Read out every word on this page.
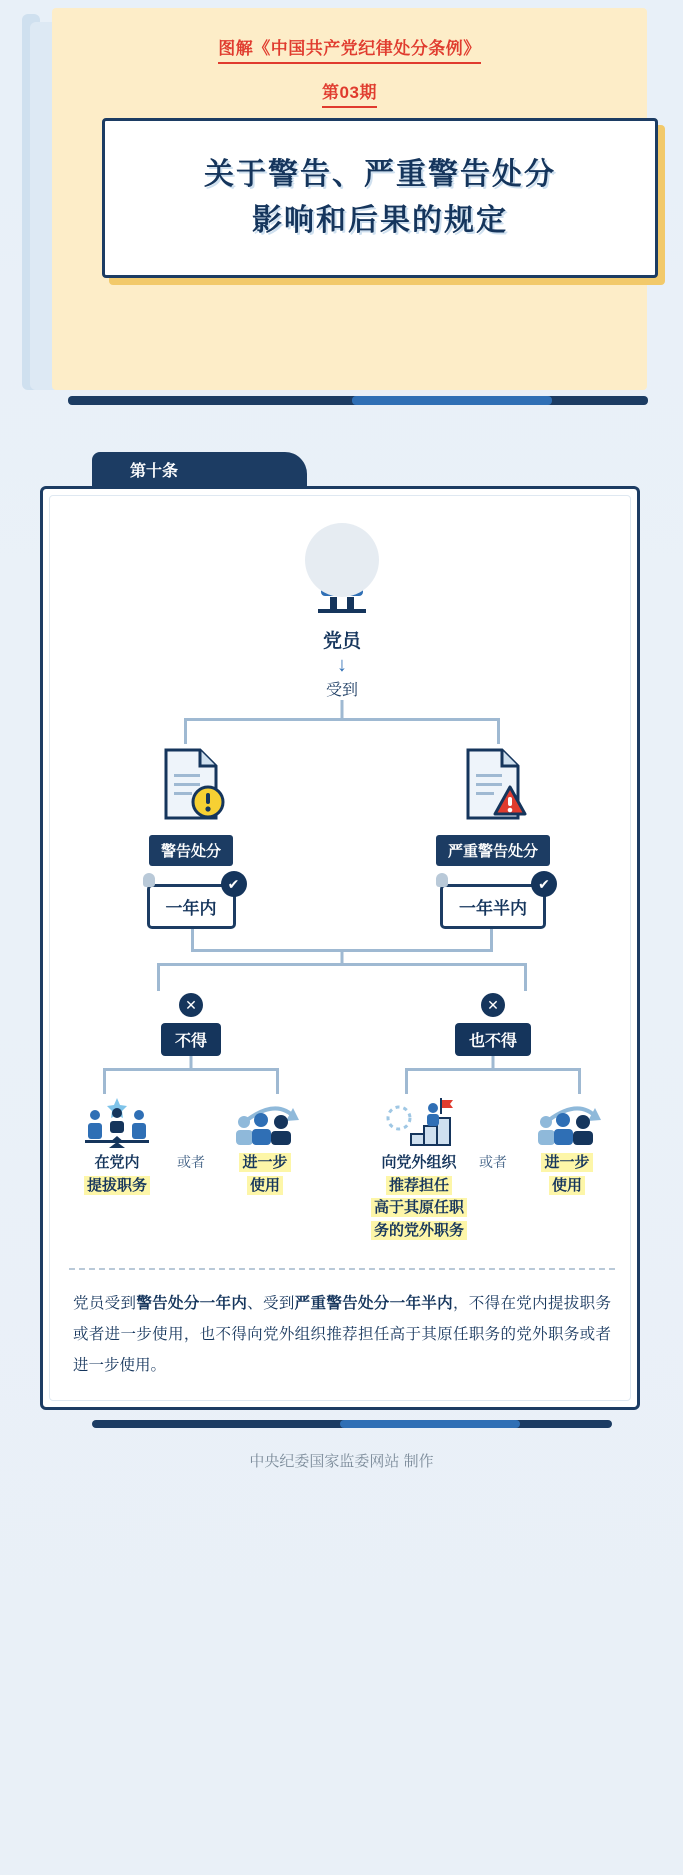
图解《中国共产党纪律处分条例》
第03期
关于警告、严重警告处分
影响和后果的规定
第十条
党员
↓
受到
警告处分
✔
一年内
严重警告处分
✔
一年半内
✕
不得
✕
也不得
在党内
提拔职务
或者	进一步
使用
向党外组织
推荐担任
高于其原任职
务的党外职务
或者	进一步
使用
党员受到警告处分一年内、受到严重警告处分一年半内，不得在党内提拔职务或者进一步使用，也不得向党外组织推荐担任高于其原任职务的党外职务或者进一步使用。
中央纪委国家监委网站 制作
